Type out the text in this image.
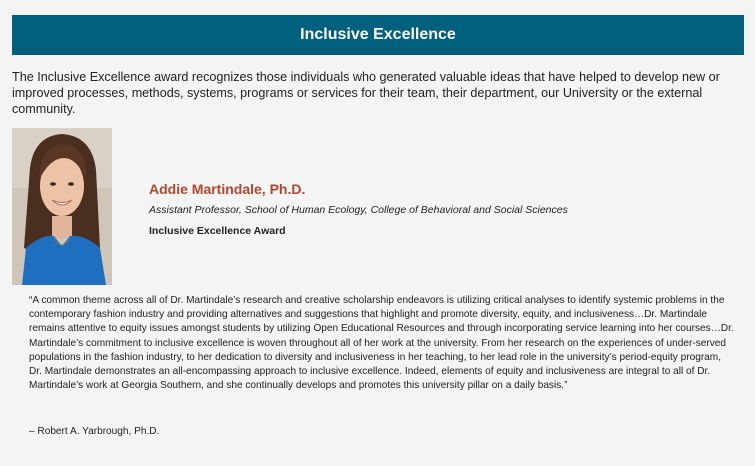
Inclusive Excellence

The Inclusive Excellence award recognizes those individuals who generated valuable ideas that have helped to develop new or improved processes, methods, systems, programs or services for their team, their department, our University or the external community.

Addie Martindale, Ph.D.

Assistant Professor, School of Human Ecology, College of Behavioral and Social Sciences

Inclusive Excellence Award

“A common theme across all of Dr. Martindale’s research and creative scholarship endeavors is utilizing critical analyses to identify systemic problems in the contemporary fashion industry and providing alternatives and suggestions that highlight and promote diversity, equity, and inclusiveness…Dr. Martindale remains attentive to equity issues amongst students by utilizing Open Educational Resources and through incorporating service learning into her courses…Dr. Martindale’s commitment to inclusive excellence is woven throughout all of her work at the university. From her research on the experiences of under-served populations in the fashion industry, to her dedication to diversity and inclusiveness in her teaching, to her lead role in the university’s period-equity program, Dr. Martindale demonstrates an all-encompassing approach to inclusive excellence. Indeed, elements of equity and inclusiveness are integral to all of Dr. Martindale’s work at Georgia Southern, and she continually develops and promotes this university pillar on a daily basis.”

– Robert A. Yarbrough, Ph.D.
